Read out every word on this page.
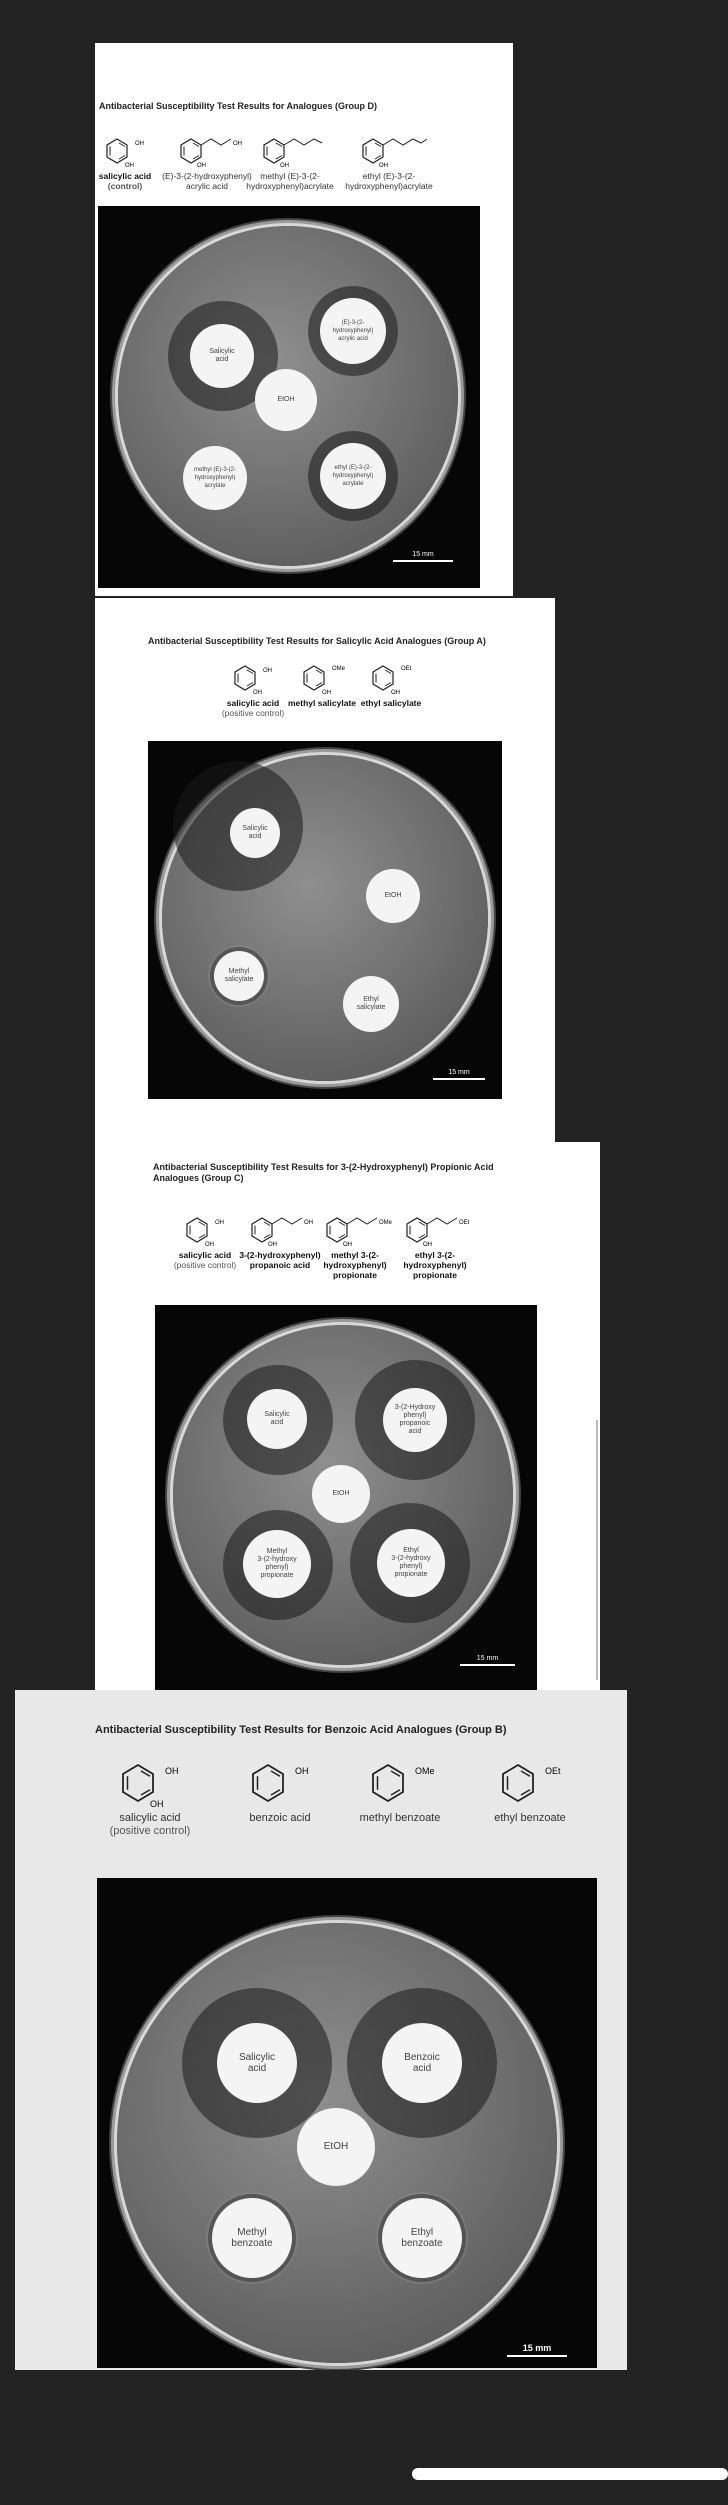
Antibacterial Susceptibility Test Results for Analogues (Group D)
OH
OH
salicylic acid
(control)
OH
OH
(E)-3-(2-hydroxyphenyl) acrylic acid
OH
methyl (E)-3-(2-hydroxyphenyl)acrylate
OH
ethyl (E)-3-(2-hydroxyphenyl)acrylate
Salicylic
acid
(E)-3-(2-
hydroxyphenyl)
acrylic acid
EtOH
methyl (E)-3-(2-
hydroxyphenyl)
acrylate
ethyl (E)-3-(2-
hydroxyphenyl)
acrylate
15 mm
Antibacterial Susceptibility Test Results for Salicylic Acid Analogues (Group A)
OH
OH
salicylic acid
(positive control)
OMe
OH
methyl salicylate
OEt
OH
ethyl salicylate
Salicylic
acid
EtOH
Methyl
salicylate
Ethyl
salicylate
15 mm
Antibacterial Susceptibility Test Results for 3-(2-Hydroxyphenyl) Propionic Acid Analogues (Group C)
OH
OH
salicylic acid
(positive control)
OH
OH
3-(2-hydroxyphenyl) propanoic acid
OMe
OH
methyl 3-(2-hydroxyphenyl) propionate
OEt
OH
ethyl 3-(2-hydroxyphenyl) propionate
Salicylic
acid
3-(2-Hydroxy
phenyl)
propanoic
acid
EtOH
Methyl
3-(2-hydroxy
phenyl)
propionate
Ethyl
3-(2-hydroxy
phenyl)
propionate
15 mm
Antibacterial Susceptibility Test Results for Benzoic Acid Analogues (Group B)
OH
OH
salicylic acid
(positive control)
OH
benzoic acid
OMe
methyl benzoate
OEt
ethyl benzoate
Salicylic
acid
Benzoic
acid
EtOH
Methyl
benzoate
Ethyl
benzoate
15 mm
